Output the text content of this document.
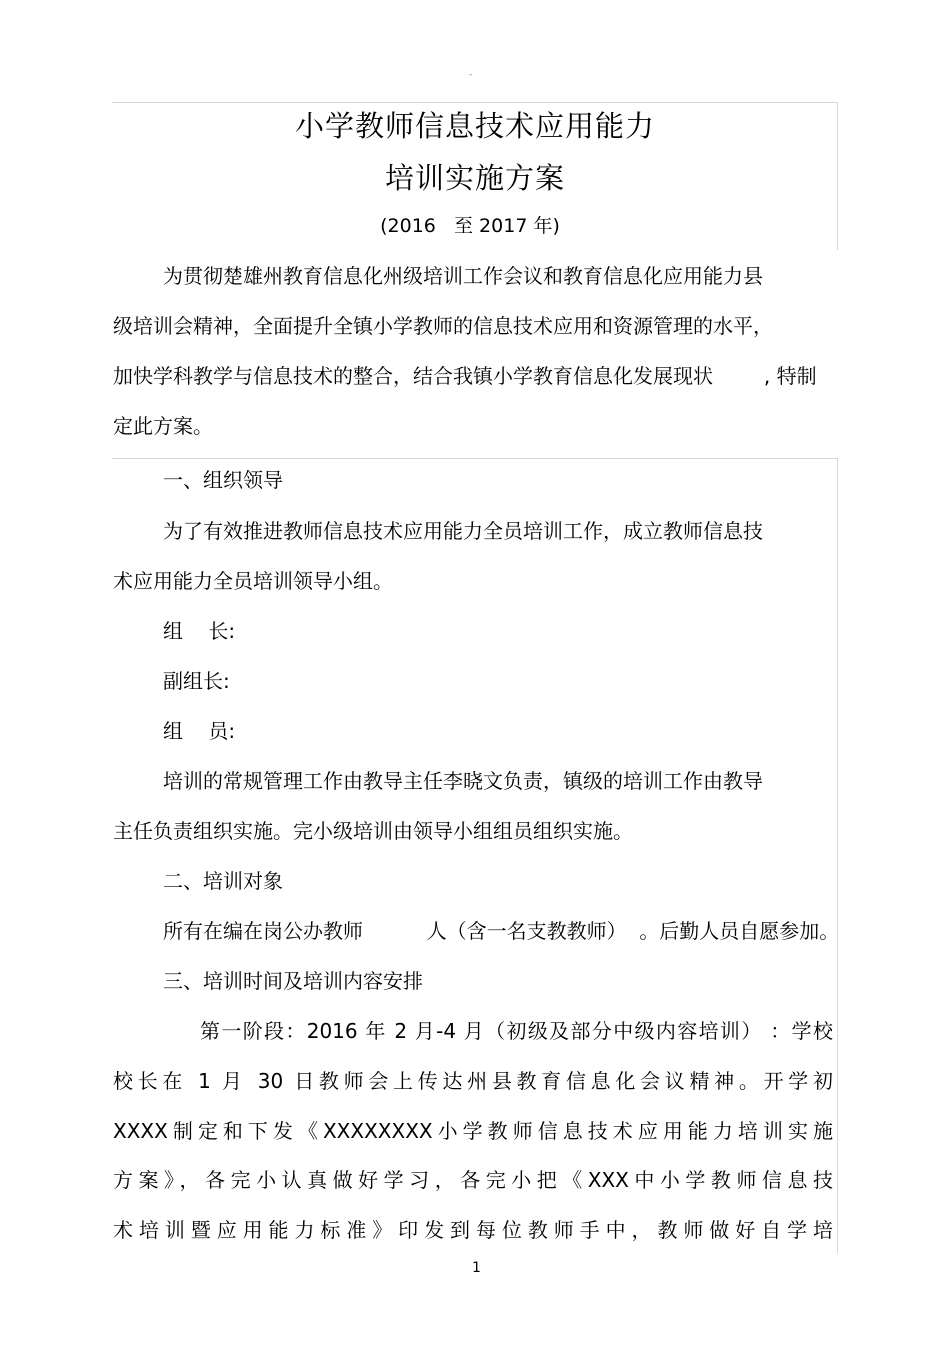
-
小学教师信息技术应用能力
培训实施方案
(2016   至 2017 年)
为贯彻楚雄州教育信息化州级培训工作会议和教育信息化应用能力县
级培训会精神，全面提升全镇小学教师的信息技术应用和资源管理的水平，
加快学科教学与信息技术的整合，结合我镇小学教育信息化发展现状        , 特制
定此方案。
一、组织领导
为了有效推进教师信息技术应用能力全员培训工作，成立教师信息技
术应用能力全员培训领导小组。
组    长:
副组长:
组    员:
培训的常规管理工作由教导主任李晓文负责，镇级的培训工作由教导
主任负责组织实施。完小级培训由领导小组组员组织实施。
二、培训对象
所有在编在岗公办教师          人（含一名支教教师）  。后勤人员自愿参加。
三、培训时间及培训内容安排
第一阶段：2016 年 2 月-4 月（初级及部分中级内容培训） ：学校
校长在 1 月 30 日教师会上传达州县教育信息化会议精神。开学初
XXXX制定和下发《XXXXXXXX小学教师信息技术应用能力培训实施
方案》，各完小认真做好学习，各完小把《XXX中小学教师信息技
术培训暨应用能力标准》印发到每位教师手中，教师做好自学培
1
